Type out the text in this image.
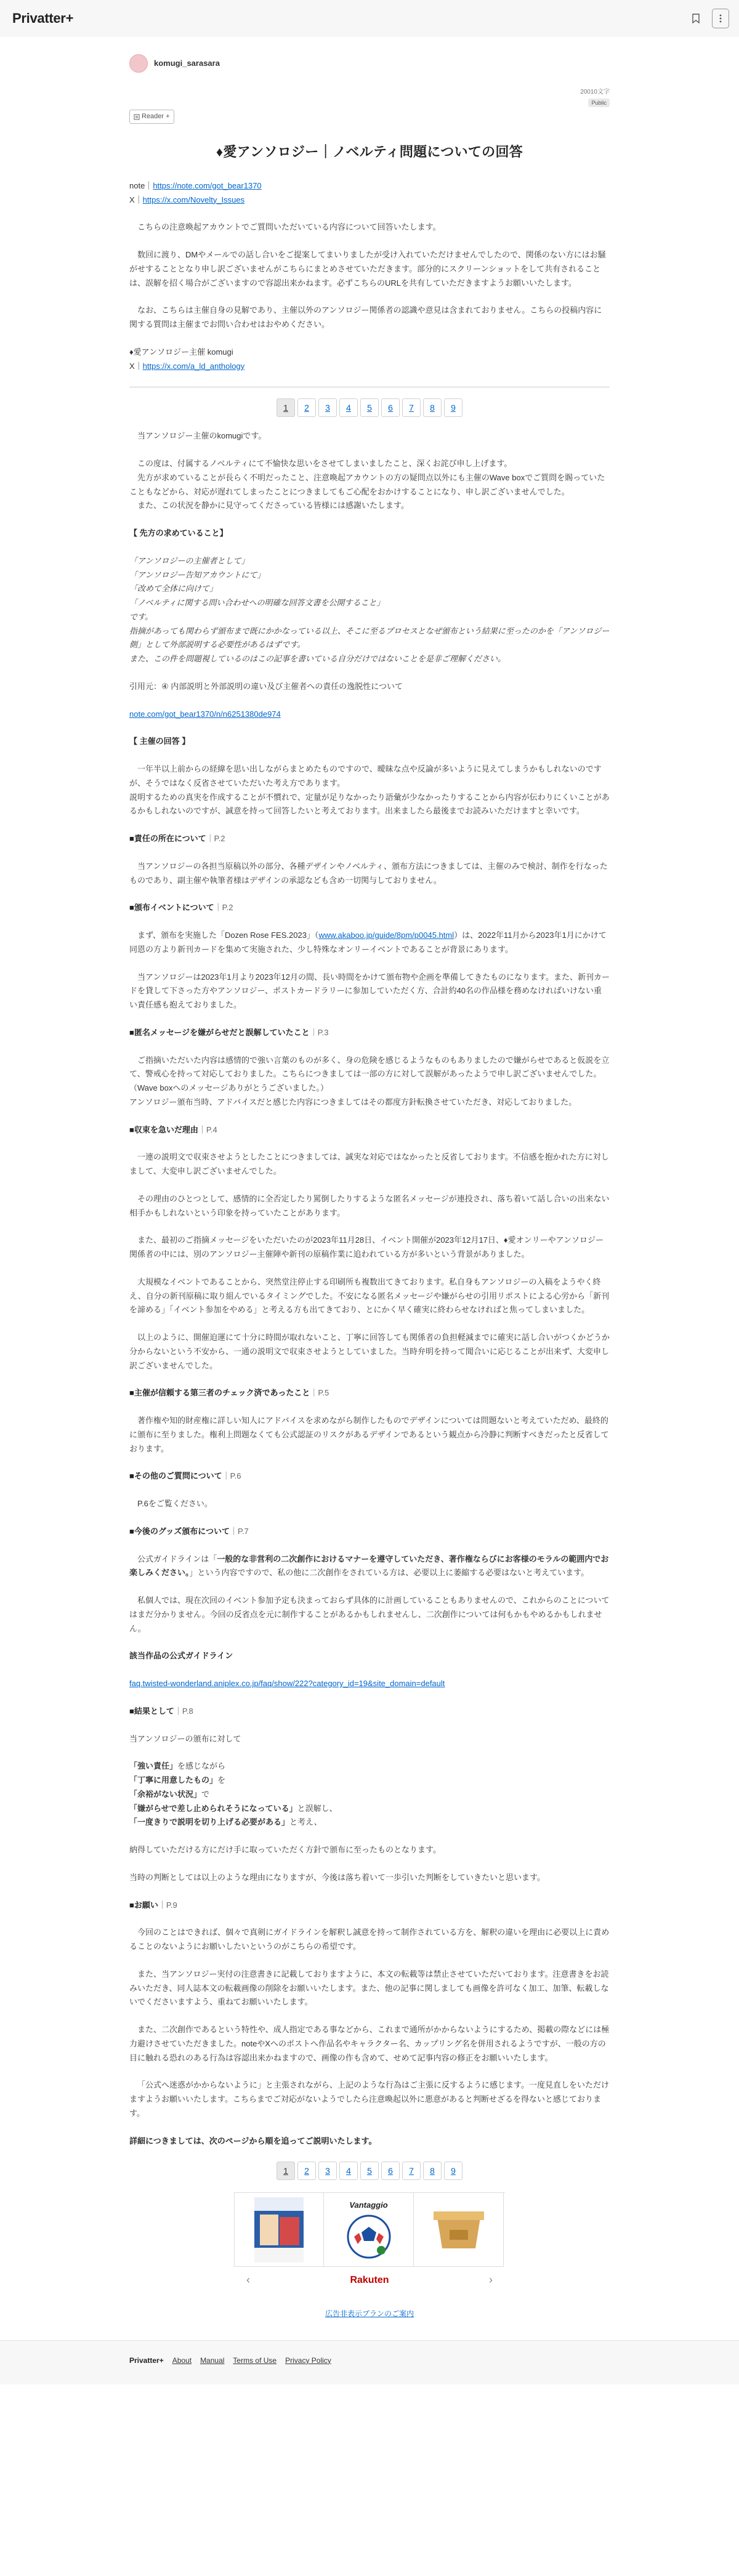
Privatter+
komugi_sarasara
20010文字
Public
Reader +
♦愛アンソロジー｜ノベルティ問題についての回答

note｜https://note.com/got_bear1370

X｜https://x.com/Novelty_Issues

こちらの注意喚起アカウントでご質問いただいている内容について回答いたします。

数回に渡り、DMやメールでの話し合いをご提案してまいりましたが受け入れていただけませんでしたので、関係のない方にはお騒がせすることとなり申し訳ございませんがこちらにまとめさせていただきます。部分的にスクリーンショットをして共有されることは、誤解を招く場合がございますので容認出来かねます。必ずこちらのURLを共有していただきますようお願いいたします。

なお、こちらは主催自身の見解であり、主催以外のアンソロジー関係者の認識や意見は含まれておりません。こちらの投稿内容に関する質問は主催までお問い合わせはおやめください。

♦愛アンソロジー主催 komugi

X｜https://x.com/a_ld_anthology

1	2	3	4	5	6	7	8	9

当アンソロジー主催のkomugiです。

この度は、付属するノベルティにて不愉快な思いをさせてしまいましたこと、深くお詫び申し上げます。

先方が求めていることが長らく不明だったこと、注意喚起アカウントの方の疑問点以外にも主催のWave boxでご質問を賜っていたこともなどから、対応が遅れてしまったことにつきましてもご心配をおかけすることになり、申し訳ございませんでした。

また、この状況を静かに見守ってくださっている皆様には感謝いたします。

【 先方の求めていること】

「アンソロジーの主催者として」

「アンソロジー告知アカウントにて」

「改めて全体に向けて」

「ノベルティに関する問い合わせへの明確な回答文書を公開すること」

です。

指摘があっても関わらず頒布まで既にかかなっている以上、そこに至るプロセスとなぜ頒布という結果に至ったのかを「アンソロジー側」として外部説明する必要性があるはずです。

また、この件を問題視しているのはこの記事を書いている自分だけではないことを是非ご理解ください。

引用元：④ 内部説明と外部説明の違い及び主催者への責任の逸脱性について

note.com/got_bear1370/n/n6251380de974

【 主催の回答 】

一年半以上前からの経緯を思い出しながらまとめたものですので、曖昧な点や反論が多いように見えてしまうかもしれないのですが、そうではなく反省させていただいた考え方であります。
説明するための真実を作成することが不慣れで、定量が足りなかったり語彙が少なかったりすることから内容が伝わりにくいことがあるかもしれないのですが、誠意を持って回答したいと考えております。出来ましたら最後までお読みいただけますと幸いです。

■責任の所在について｜P.2

当アンソロジーの各担当原稿以外の部分、各種デザインやノベルティ、頒布方法につきましては、主催のみで検討、制作を行なったものであり、副主催や執筆者様はデザインの承認なども含め一切関与しておりません。

■頒布イベントについて｜P.2

まず、頒布を実施した「Dozen Rose FES.2023」（www.akaboo.jp/guide/8pm/p0045.html）は、2022年11月から2023年1月にかけて同恩の方より新刊カードを集めて実施された、少し特殊なオンリーイベントであることが背景にあります。

当アンソロジーは2023年1月より2023年12月の間、長い時間をかけて頒布物や企画を準備してきたものになります。また、新刊カードを貸して下さった方やアンソロジー、ポストカードラリーに参加していただく方、合計約40名の作品様を務めなければいけない重い責任感も抱えておりました。

■匿名メッセージを嫌がらせだと誤解していたこと｜P.3

ご指摘いただいた内容は感情的で強い言葉のものが多く、身の危険を感じるようなものもありましたので嫌がらせであると仮説を立て、警戒心を持って対応しておりました。こちらにつきましては一部の方に対して誤解があったようで申し訳ございませんでした。（Wave boxへのメッセージありがとうございました。）
アンソロジー頒布当時、アドバイスだと感じた内容につきましてはその都度方針転換させていただき、対応しておりました。

■収束を急いだ理由｜P.4

一連の説明文で収束させようとしたことにつきましては、誠実な対応ではなかったと反省しております。不信感を抱かれた方に対しまして、大変申し訳ございませんでした。

その理由のひとつとして、感情的に全否定したり罵倒したりするような匿名メッセージが連投され、落ち着いて話し合いの出来ない相手かもしれないという印象を持っていたことがあります。

また、最初のご指摘メッセージをいただいたのが2023年11月28日、イベント開催が2023年12月17日、♦愛オンリーやアンソロジー関係者の中には、別のアンソロジー主催陣や新刊の原稿作業に追われている方が多いという背景がありました。

大規模なイベントであることから、突然堂注停止する印刷所も複数出てきております。私自身もアンソロジーの入稿をようやく終え、自分の新刊原稿に取り組んでいるタイミングでした。不安になる匿名メッセージや嫌がらせの引用リポストによる心労から「新刊を諦める」「イベント参加をやめる」と考える方も出てきており、とにかく早く確実に終わらせなければと焦ってしまいました。

以上のように、開催迫運にて十分に時間が取れないこと、丁寧に回答しても関係者の負担軽減までに確実に話し合いがつくかどうか分からないという不安から、一通の説明文で収束させようとしていました。当時弁明を持って聞合いに応じることが出来ず、大変申し訳ございませんでした。

■主催が信頼する第三者のチェック済であったこと｜P.5

著作権や知的財産権に詳しい知人にアドバイスを求めながら制作したものでデザインについては問題ないと考えていただめ、最終的に頒布に至りました。権利上問題なくても公式認証のリスクがあるデザインであるという観点から冷静に判断すべきだったと反省しております。

■その他のご質問について｜P.6

P.6をご覧ください。

■今後のグッズ頒布について｜P.7

公式ガイドラインは「一般的な非営利の二次創作におけるマナーを遵守していただき、著作権ならびにお客様のモラルの範囲内でお楽しみください。」という内容ですので、私の他に二次創作をされている方は、必要以上に萎縮する必要はないと考えています。

私個人では、現在次回のイベント参加予定も決まっておらず具体的に計画していることもありませんので、これからのことについてはまだ分かりません。今回の反省点を元に制作することがあるかもしれませんし、二次創作については何もかもやめるかもしれません。

該当作品の公式ガイドライン

faq.twisted-wonderland.aniplex.co.jp/faq/show/222?category_id=19&site_domain=default

■結果として｜P.8

当アンソロジーの頒布に対して

「強い責任」を感じながら

「丁寧に用意したもの」を

「余裕がない状況」で

「嫌がらせで差し止められそうになっている」と誤解し、

「一度きりで説明を切り上げる必要がある」と考え、

納得していただける方にだけ手に取っていただく方針で頒布に至ったものとなります。

当時の判断としては以上のような理由になりますが、今後は落ち着いて一歩引いた判断をしていきたいと思います。

■お願い｜P.9

今回のことはできれば、個々で真剣にガイドラインを解釈し誠意を持って制作されている方を、解釈の違いを理由に必要以上に責めることのないようにお願いしたいというのがこちらの希望です。

また、当アンソロジー実付の注意書きに記載しておりますように、本文の転載等は禁止させていただいております。注意書きをお読みいただき、同人誌本文の転載画像の削除をお願いいたします。また、他の記事に関しましても画像を許可なく加工、加筆、転載しないでくださいますよう、重ねてお願いいたします。

また、二次創作であるという特性や、成人指定である事などから、これまで通所がかからないようにするため、掲載の際などには極力避けさせていただきました。noteやXへのポストへ作品名やキャラクター名、カップリング名を併用されるようですが、一般の方の目に触れる恐れのある行為は容認出来かねますので、画像の作も含めて、せめて記事内容の修正をお願いいたします。

「公式へ迷惑がかからないように」と主張されながら、上記のような行為はご主張に反するように感じます。一度見直しをいただけますようお願いいたします。こちらまでご対応がないようでしたら注意喚起以外に悪意があると判断せざるを得ないと感じております。

詳細につきましては、次のページから順を追ってご説明いたします。

1	2	3	4	5	6	7	8	9
Vantaggio
‹	Rakuten	›

広告非表示プランのご案内

Privatter+ About Manual Terms of Use Privacy Policy
